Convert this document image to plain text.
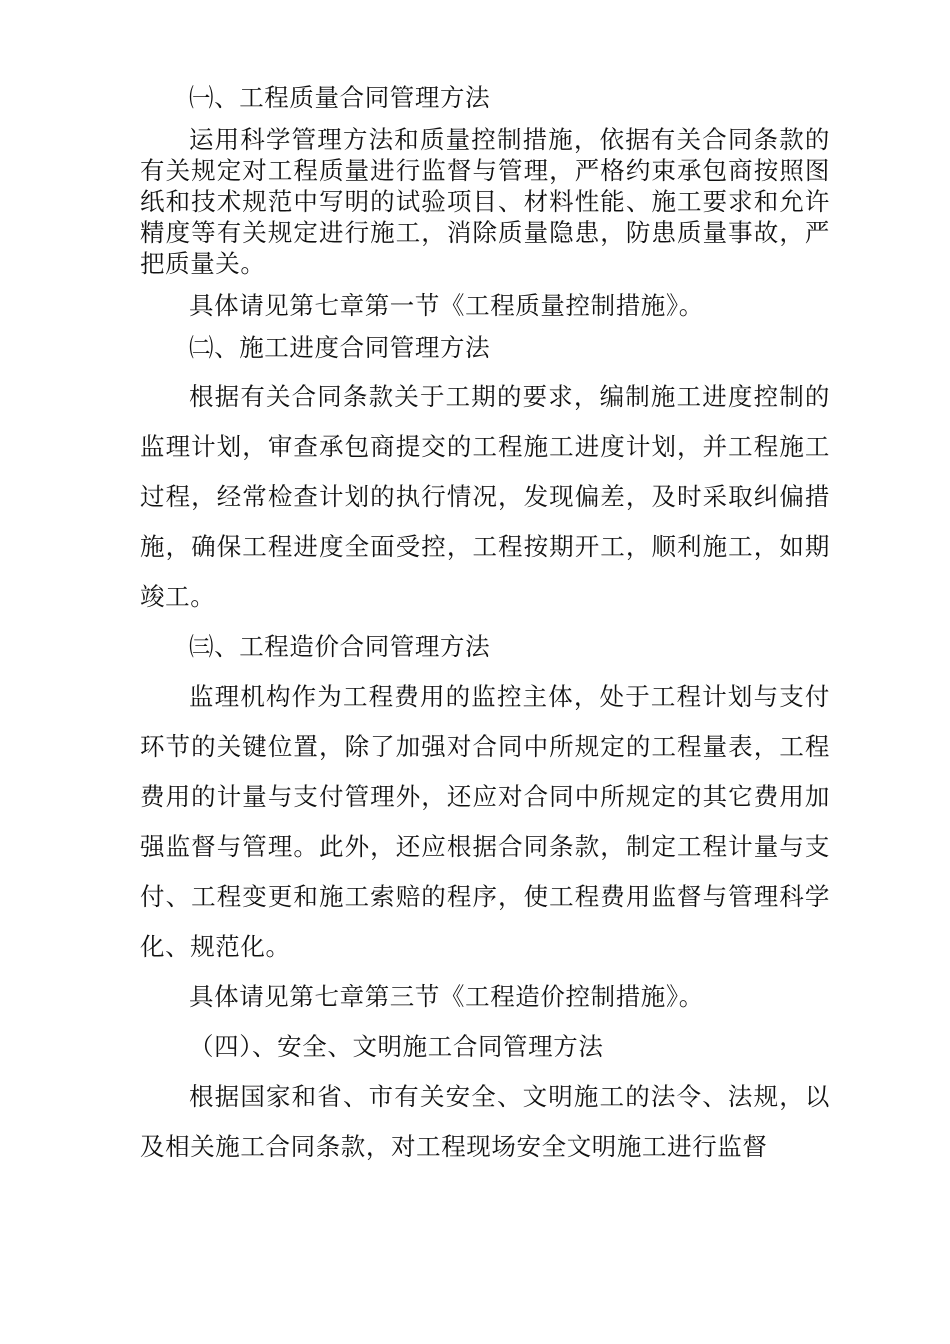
㈠、工程质量合同管理方法

运用科学管理方法和质量控制措施，依据有关合同条款的有关规定对工程质量进行监督与管理，严格约束承包商按照图纸和技术规范中写明的试验项目、材料性能、施工要求和允许精度等有关规定进行施工，消除质量隐患，防患质量事故，严把质量关。

具体请见第七章第一节《工程质量控制措施》。

㈡、施工进度合同管理方法

根据有关合同条款关于工期的要求，编制施工进度控制的监理计划，审查承包商提交的工程施工进度计划，并工程施工过程，经常检查计划的执行情况，发现偏差，及时采取纠偏措施，确保工程进度全面受控，工程按期开工，顺利施工，如期竣工。

㈢、工程造价合同管理方法

监理机构作为工程费用的监控主体，处于工程计划与支付环节的关键位置，除了加强对合同中所规定的工程量表，工程费用的计量与支付管理外，还应对合同中所规定的其它费用加强监督与管理。此外，还应根据合同条款，制定工程计量与支付、工程变更和施工索赔的程序，使工程费用监督与管理科学化、规范化。

具体请见第七章第三节《工程造价控制措施》。

（四）、安全、文明施工合同管理方法

根据国家和省、市有关安全、文明施工的法令、法规，以及相关施工合同条款，对工程现场安全文明施工进行监督
